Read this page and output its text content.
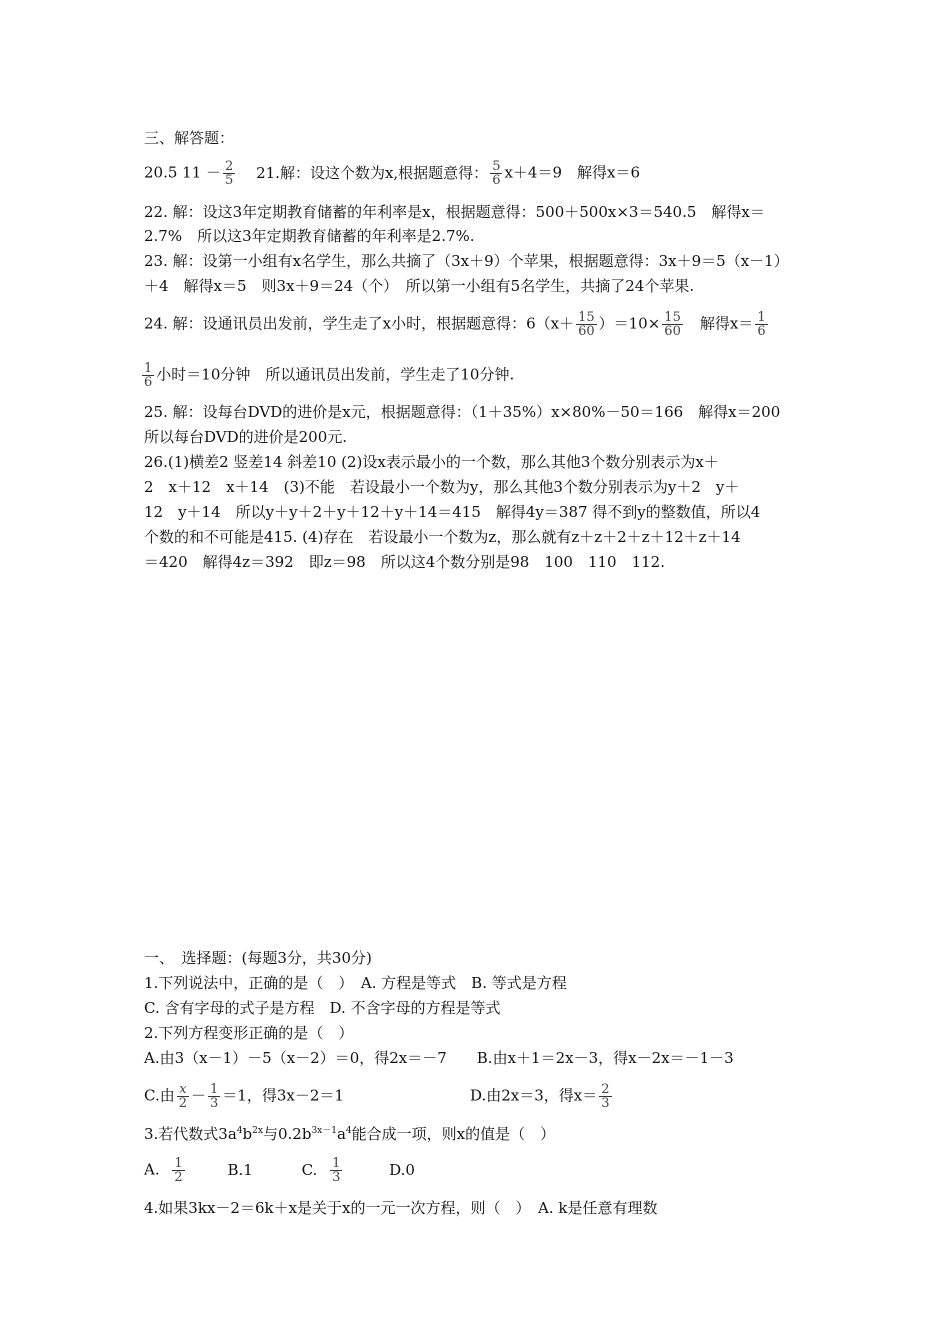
三、解答题：
20.5 $11 - \frac{2}{5} 21$.解：设这个数为x,根据题意得： $\frac{5}{6} x+4=9$　解得x＝6
22. 解：设这3年定期教育储蓄的年利率是x，根据题意得：500＋500x×3＝540.5　解得x＝
2.7%　所以这3年定期教育储蓄的年利率是2.7%.
23. 解：设第一小组有x名学生，那么共摘了（3x＋9）个苹果，根据题意得：3x＋9＝5（x－1）
＋4　解得x＝5　则3x＋9＝24（个）　所以第一小组有5名学生，共摘了24个苹果.
24. 解：设通讯员出发前，学生走了x小时，根据题意得：$6(x+ \frac{15}{60} )=10\times \frac{15}{60}$ 　解得$x= \frac{1}{6}$
$\frac{1}{6}$ 小时＝10分钟　所以通讯员出发前，学生走了10分钟.
25. 解：设每台DVD的进价是x元，根据题意得：（1＋35%）x×80%－50＝166　解得x＝200
所以每台DVD的进价是200元.
26.(1)横差2 竖差14 斜差10 (2)设x表示最小的一个数，那么其他3个数分别表示为x＋
2　x＋12　x＋14　(3)不能　若设最小一个数为y，那么其他3个数分别表示为y＋2　y＋
12　y＋14　所以y＋y＋2＋y＋12＋y＋14＝415　解得4y＝387 得不到y的整数值，所以4
个数的和不可能是415. (4)存在　若设最小一个数为z，那么就有z＋z＋2＋z＋12＋z＋14
＝420　解得4z＝392　即z＝98　所以这4个数分别是98　100　110　112.
一、　选择题：(每题3分，共30分)
1.下列说法中，正确的是（　）　A. 方程是等式　B. 等式是方程
C. 含有字母的式子是方程　D. 不含字母的方程是等式
2.下列方程变形正确的是（　）
A.由3（x－1）－5（x－2）＝0，得2x＝－7　　B.由x＋1＝2x－3，得x－2x＝－1－3
C.由 $\frac{x}{2} - \frac{1}{3} =1$，得3x－2＝1	D.由2x＝3，得$x= \frac{2}{3}$
3.若代数式$3a^4b^{2x}$与$0.2b^{3x-1}a^4$能合成一项，则x的值是（　）
A. $\frac{1}{2}$	B.1	C. $\frac{1}{3}$	D.0
4.如果3kx－2＝6k＋x是关于x的一元一次方程，则（　）　A. k是任意有理数
